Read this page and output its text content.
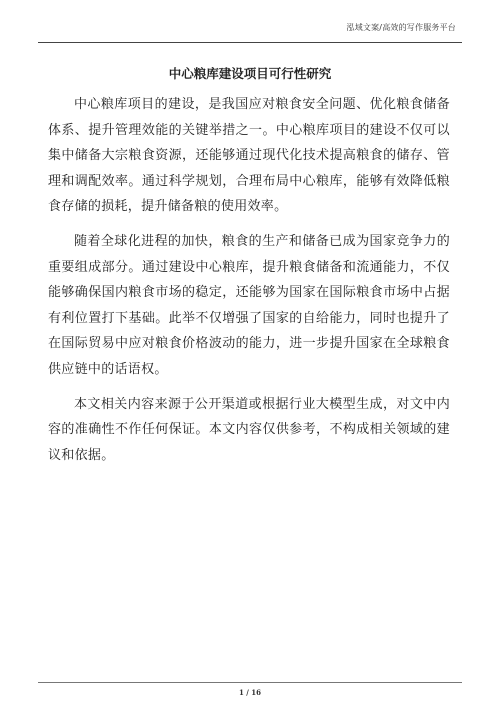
泓域文案/高效的写作服务平台
中心粮库建设项目可行性研究

中心粮库项目的建设，是我国应对粮食安全问题、优化粮食储备体系、提升管理效能的关键举措之一。中心粮库项目的建设不仅可以集中储备大宗粮食资源，还能够通过现代化技术提高粮食的储存、管理和调配效率。通过科学规划，合理布局中心粮库，能够有效降低粮食存储的损耗，提升储备粮的使用效率。

随着全球化进程的加快，粮食的生产和储备已成为国家竞争力的重要组成部分。通过建设中心粮库，提升粮食储备和流通能力，不仅能够确保国内粮食市场的稳定，还能够为国家在国际粮食市场中占据有利位置打下基础。此举不仅增强了国家的自给能力，同时也提升了在国际贸易中应对粮食价格波动的能力，进一步提升国家在全球粮食供应链中的话语权。

本文相关内容来源于公开渠道或根据行业大模型生成，对文中内容的准确性不作任何保证。本文内容仅供参考，不构成相关领域的建议和依据。

1 / 16
